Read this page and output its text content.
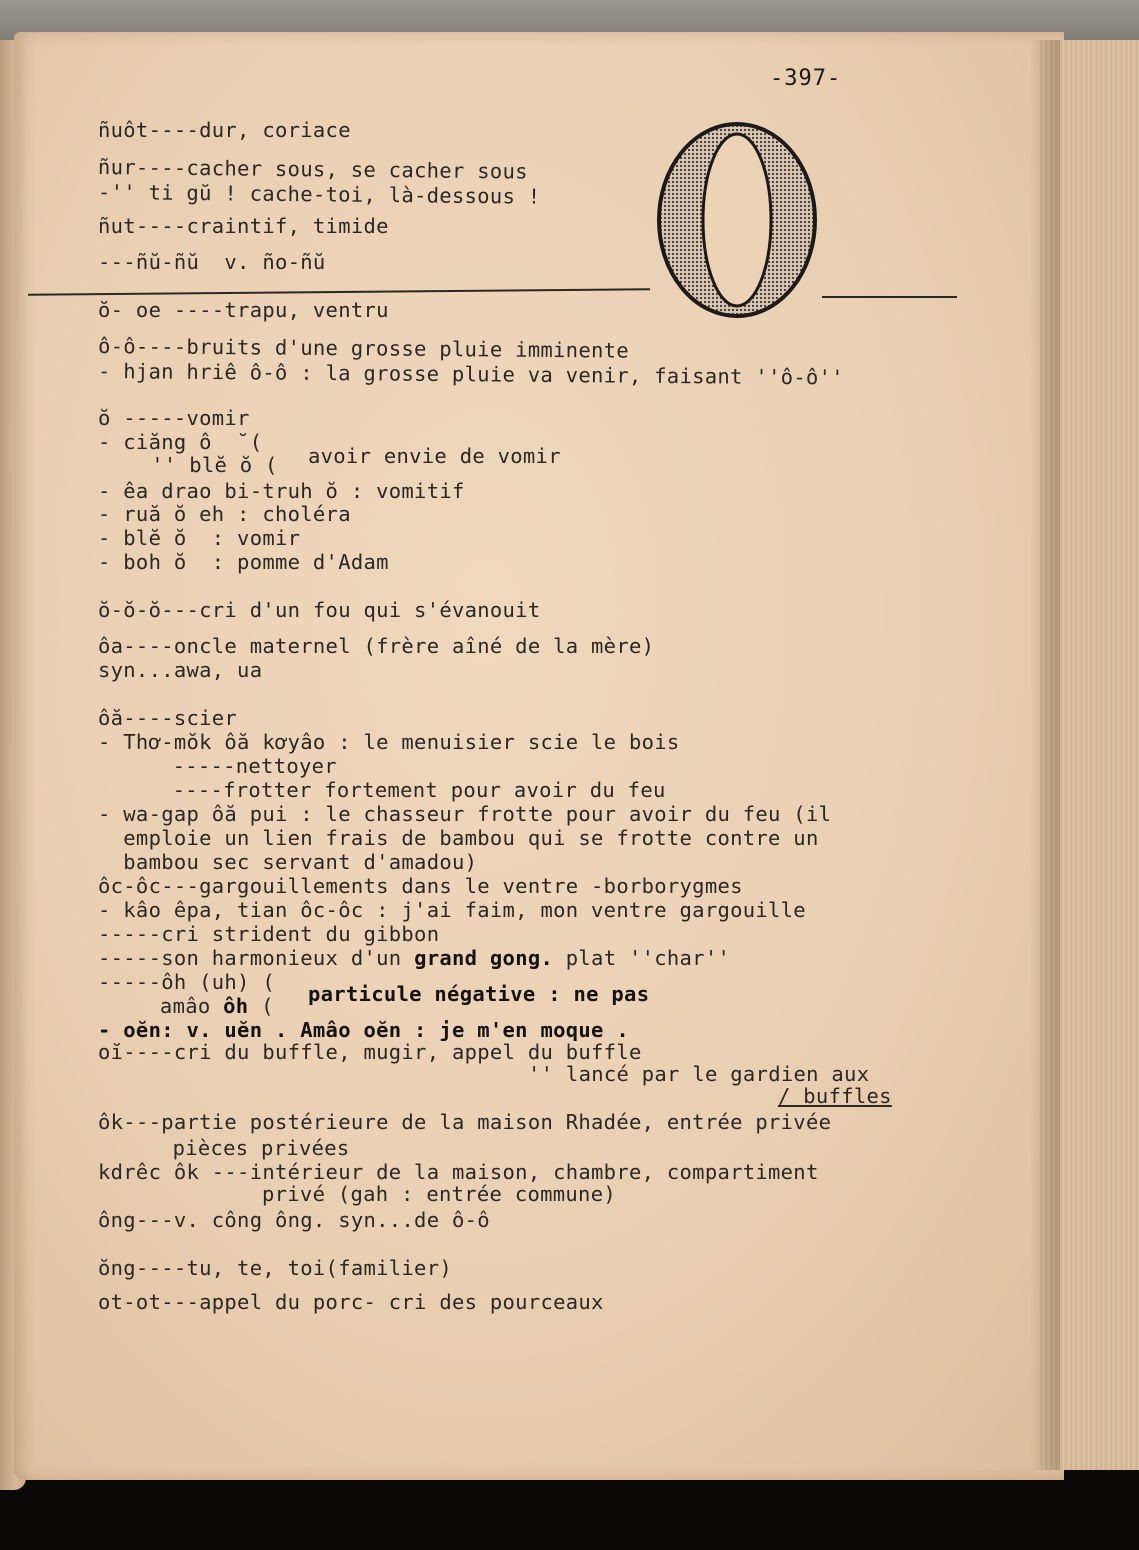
-397-
ñuôt----dur, coriace
ñur----cacher sous, se cacher sous
-'' ti gŭ ! cache-toi, là-dessous !
ñut----craintif, timide
---ñŭ-ñŭ  v. ño-ñŭ
ŏ- oe ----trapu, ventru
ô-ô----bruits d'une grosse pluie imminente
- hjan hriê ô-ô : la grosse pluie va venir, faisant ''ô-ô''
ŏ -----vomir
- ciăng ô  ̆ (
'' blĕ ŏ ( avoir envie de vomir
- êa drao bi-truh ŏ : vomitif
- ruă ŏ eh : choléra
- blĕ ŏ  : vomir
- boh ŏ  : pomme d'Adam
ŏ-ŏ-ŏ---cri d'un fou qui s'évanouit
ôa----oncle maternel (frère aîné de la mère)
syn...awa, ua
ôă----scier
- Thơ-mŏk ôă kơyâo : le menuisier scie le bois
-----nettoyer
----frotter fortement pour avoir du feu
- wa-gap ôă pui : le chasseur frotte pour avoir du feu (il
emploie un lien frais de bambou qui se frotte contre un
bambou sec servant d'amadou)
ôc-ôc---gargouillements dans le ventre -borborygmes
- kâo êpa, tian ôc-ôc : j'ai faim, mon ventre gargouille
-----cri strident du gibbon
-----son harmonieux d'un grand gong. plat ''char''
-----ôh (uh) (
amâo ôh ( particule négative : ne pas
- oĕn: v. uĕn . Amâo oĕn : je m'en moque .
oĭ----cri du buffle, mugir, appel du buffle
'' lancé par le gardien aux
/ buffles
ôk---partie postérieure de la maison Rhadée, entrée privée
pièces privées
kdrêc ôk ---intérieur de la maison, chambre, compartiment
privé (gah : entrée commune)
ông---v. công ông. syn...de ô-ô
ŏng----tu, te, toi(familier)
ot-ot---appel du porc- cri des pourceaux
